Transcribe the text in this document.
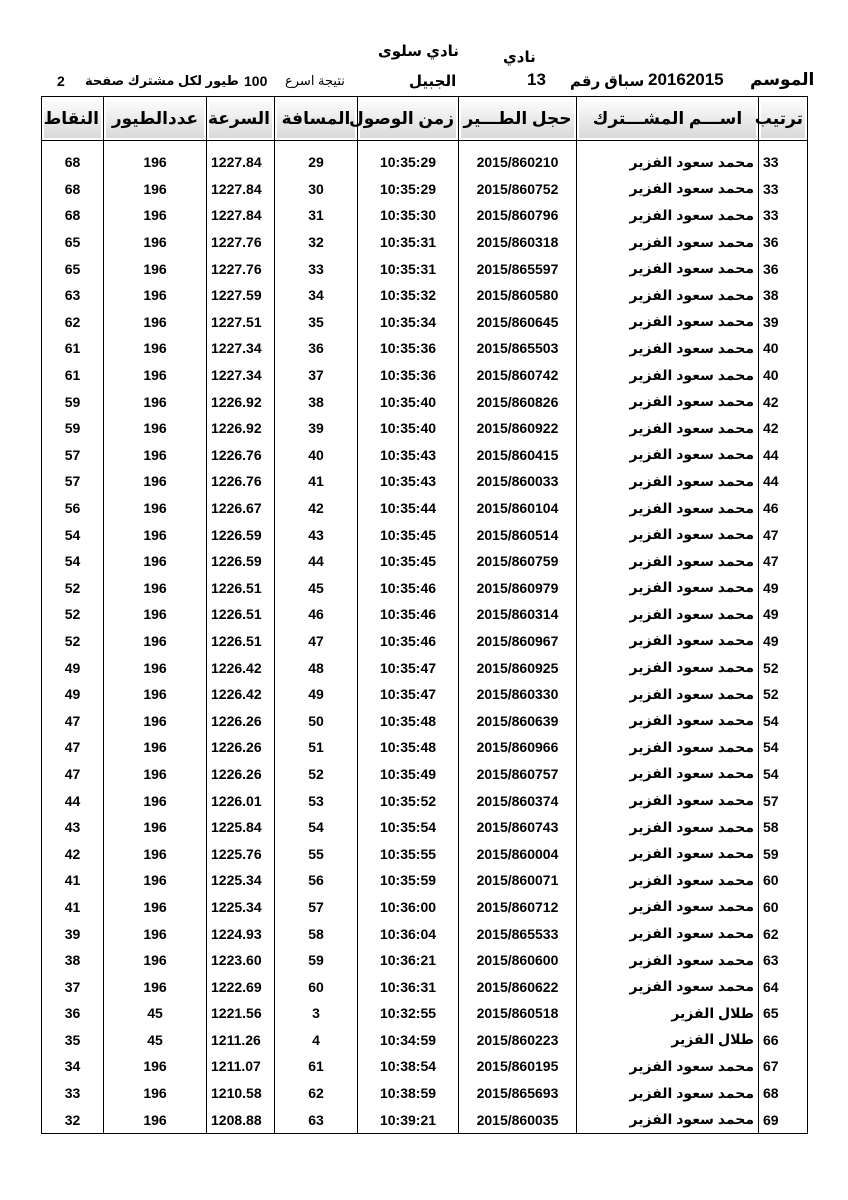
نادي سلوى	نادي
الموسم
20162015
سباق رقم
13
الجبيل
نتيجة اسرع
100
طيور لكل مشترك صفحة
2
النقاط	عددالطيور	السرعة	المسافة	زمن الوصول	حجل الطـــير	اســـم المشـــترك	ترتيب

68	196	1227.84	29	10:35:29	2015/860210	محمد سعود الفزير	33
68	196	1227.84	30	10:35:29	2015/860752	محمد سعود الفزير	33
68	196	1227.84	31	10:35:30	2015/860796	محمد سعود الفزير	33
65	196	1227.76	32	10:35:31	2015/860318	محمد سعود الفزير	36
65	196	1227.76	33	10:35:31	2015/865597	محمد سعود الفزير	36
63	196	1227.59	34	10:35:32	2015/860580	محمد سعود الفزير	38
62	196	1227.51	35	10:35:34	2015/860645	محمد سعود الفزير	39
61	196	1227.34	36	10:35:36	2015/865503	محمد سعود الفزير	40
61	196	1227.34	37	10:35:36	2015/860742	محمد سعود الفزير	40
59	196	1226.92	38	10:35:40	2015/860826	محمد سعود الفزير	42
59	196	1226.92	39	10:35:40	2015/860922	محمد سعود الفزير	42
57	196	1226.76	40	10:35:43	2015/860415	محمد سعود الفزير	44
57	196	1226.76	41	10:35:43	2015/860033	محمد سعود الفزير	44
56	196	1226.67	42	10:35:44	2015/860104	محمد سعود الفزير	46
54	196	1226.59	43	10:35:45	2015/860514	محمد سعود الفزير	47
54	196	1226.59	44	10:35:45	2015/860759	محمد سعود الفزير	47
52	196	1226.51	45	10:35:46	2015/860979	محمد سعود الفزير	49
52	196	1226.51	46	10:35:46	2015/860314	محمد سعود الفزير	49
52	196	1226.51	47	10:35:46	2015/860967	محمد سعود الفزير	49
49	196	1226.42	48	10:35:47	2015/860925	محمد سعود الفزير	52
49	196	1226.42	49	10:35:47	2015/860330	محمد سعود الفزير	52
47	196	1226.26	50	10:35:48	2015/860639	محمد سعود الفزير	54
47	196	1226.26	51	10:35:48	2015/860966	محمد سعود الفزير	54
47	196	1226.26	52	10:35:49	2015/860757	محمد سعود الفزير	54
44	196	1226.01	53	10:35:52	2015/860374	محمد سعود الفزير	57
43	196	1225.84	54	10:35:54	2015/860743	محمد سعود الفزير	58
42	196	1225.76	55	10:35:55	2015/860004	محمد سعود الفزير	59
41	196	1225.34	56	10:35:59	2015/860071	محمد سعود الفزير	60
41	196	1225.34	57	10:36:00	2015/860712	محمد سعود الفزير	60
39	196	1224.93	58	10:36:04	2015/865533	محمد سعود الفزير	62
38	196	1223.60	59	10:36:21	2015/860600	محمد سعود الفزير	63
37	196	1222.69	60	10:36:31	2015/860622	محمد سعود الفزير	64
36	45	1221.56	3	10:32:55	2015/860518	طلال الفزير	65
35	45	1211.26	4	10:34:59	2015/860223	طلال الفزير	66
34	196	1211.07	61	10:38:54	2015/860195	محمد سعود الفزير	67
33	196	1210.58	62	10:38:59	2015/865693	محمد سعود الفزير	68
32	196	1208.88	63	10:39:21	2015/860035	محمد سعود الفزير	69
